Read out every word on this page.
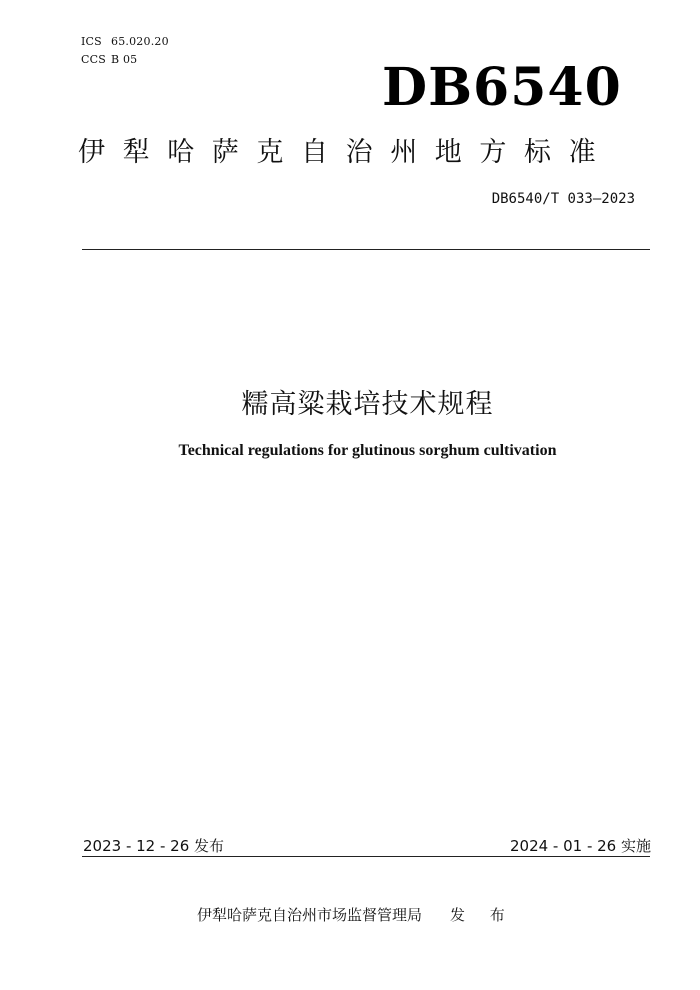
ICS 65.020.20
CCS B 05	DB6540
伊犁哈萨克自治州地方标准
DB6540/T 033—2023
糯高粱栽培技术规程
Technical regulations for glutinous sorghum cultivation
2023 - 12 - 26 发布	2024 - 01 - 26 实施
伊犁哈萨克自治州市场监督管理局 发 布
